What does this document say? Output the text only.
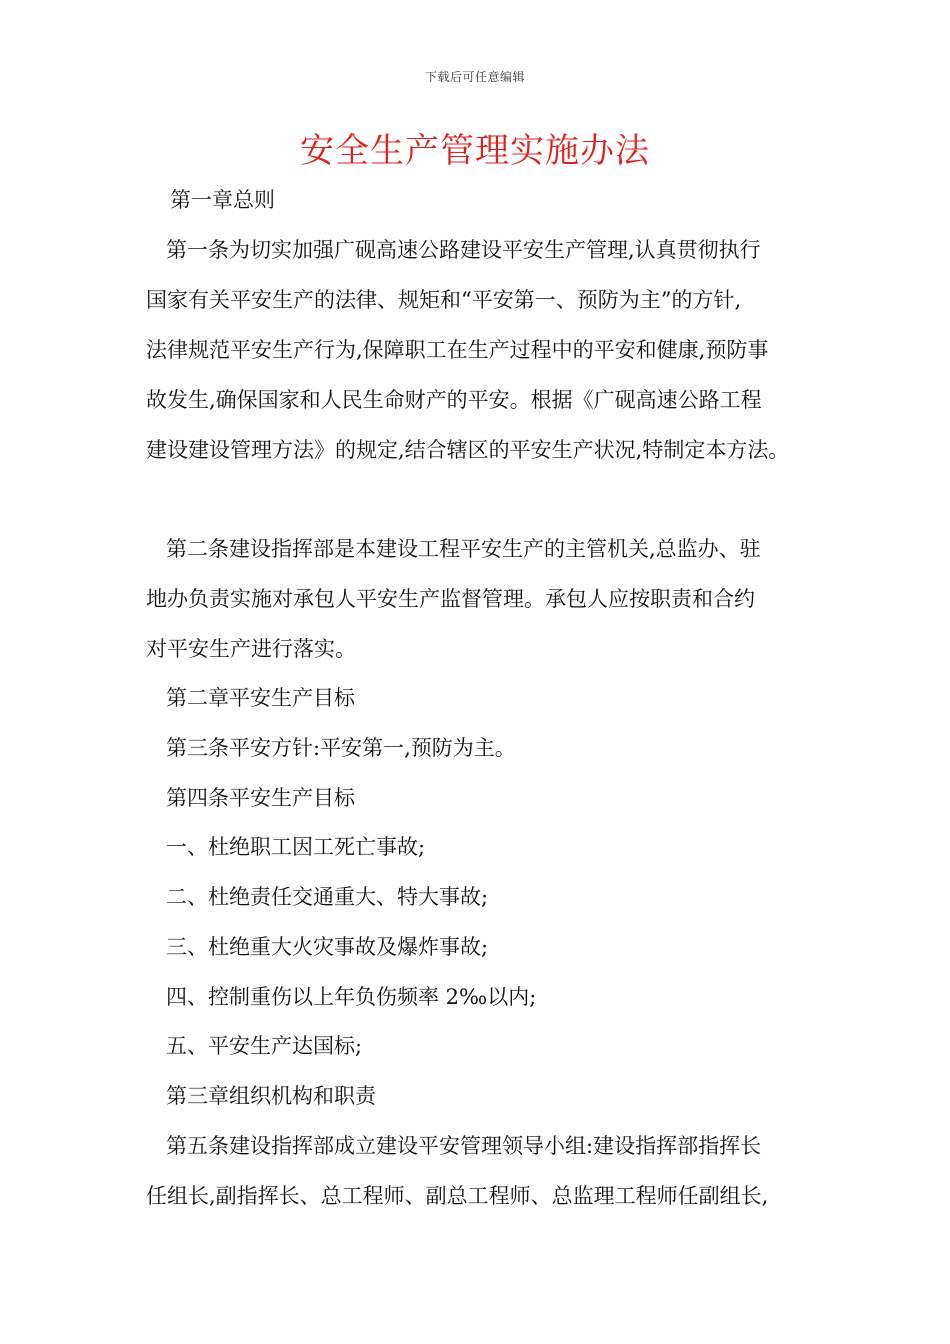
下载后可任意编辑
安全生产管理实施办法

第一章总则

第一条为切实加强广砚高速公路建设平安生产管理,认真贯彻执行

国家有关平安生产的法律、规矩和“平安第一、预防为主”的方针,

法律规范平安生产行为,保障职工在生产过程中的平安和健康,预防事

故发生,确保国家和人民生命财产的平安。根据《广砚高速公路工程

建设建设管理方法》的规定,结合辖区的平安生产状况,特制定本方法。

第二条建设指挥部是本建设工程平安生产的主管机关,总监办、驻

地办负责实施对承包人平安生产监督管理。承包人应按职责和合约

对平安生产进行落实。

第二章平安生产目标

第三条平安方针:平安第一,预防为主。

第四条平安生产目标

一、杜绝职工因工死亡事故;

二、杜绝责任交通重大、特大事故;

三、杜绝重大火灾事故及爆炸事故;

四、控制重伤以上年负伤频率 2‰以内;

五、平安生产达国标;

第三章组织机构和职责

第五条建设指挥部成立建设平安管理领导小组:建设指挥部指挥长

任组长,副指挥长、总工程师、副总工程师、总监理工程师任副组长,
